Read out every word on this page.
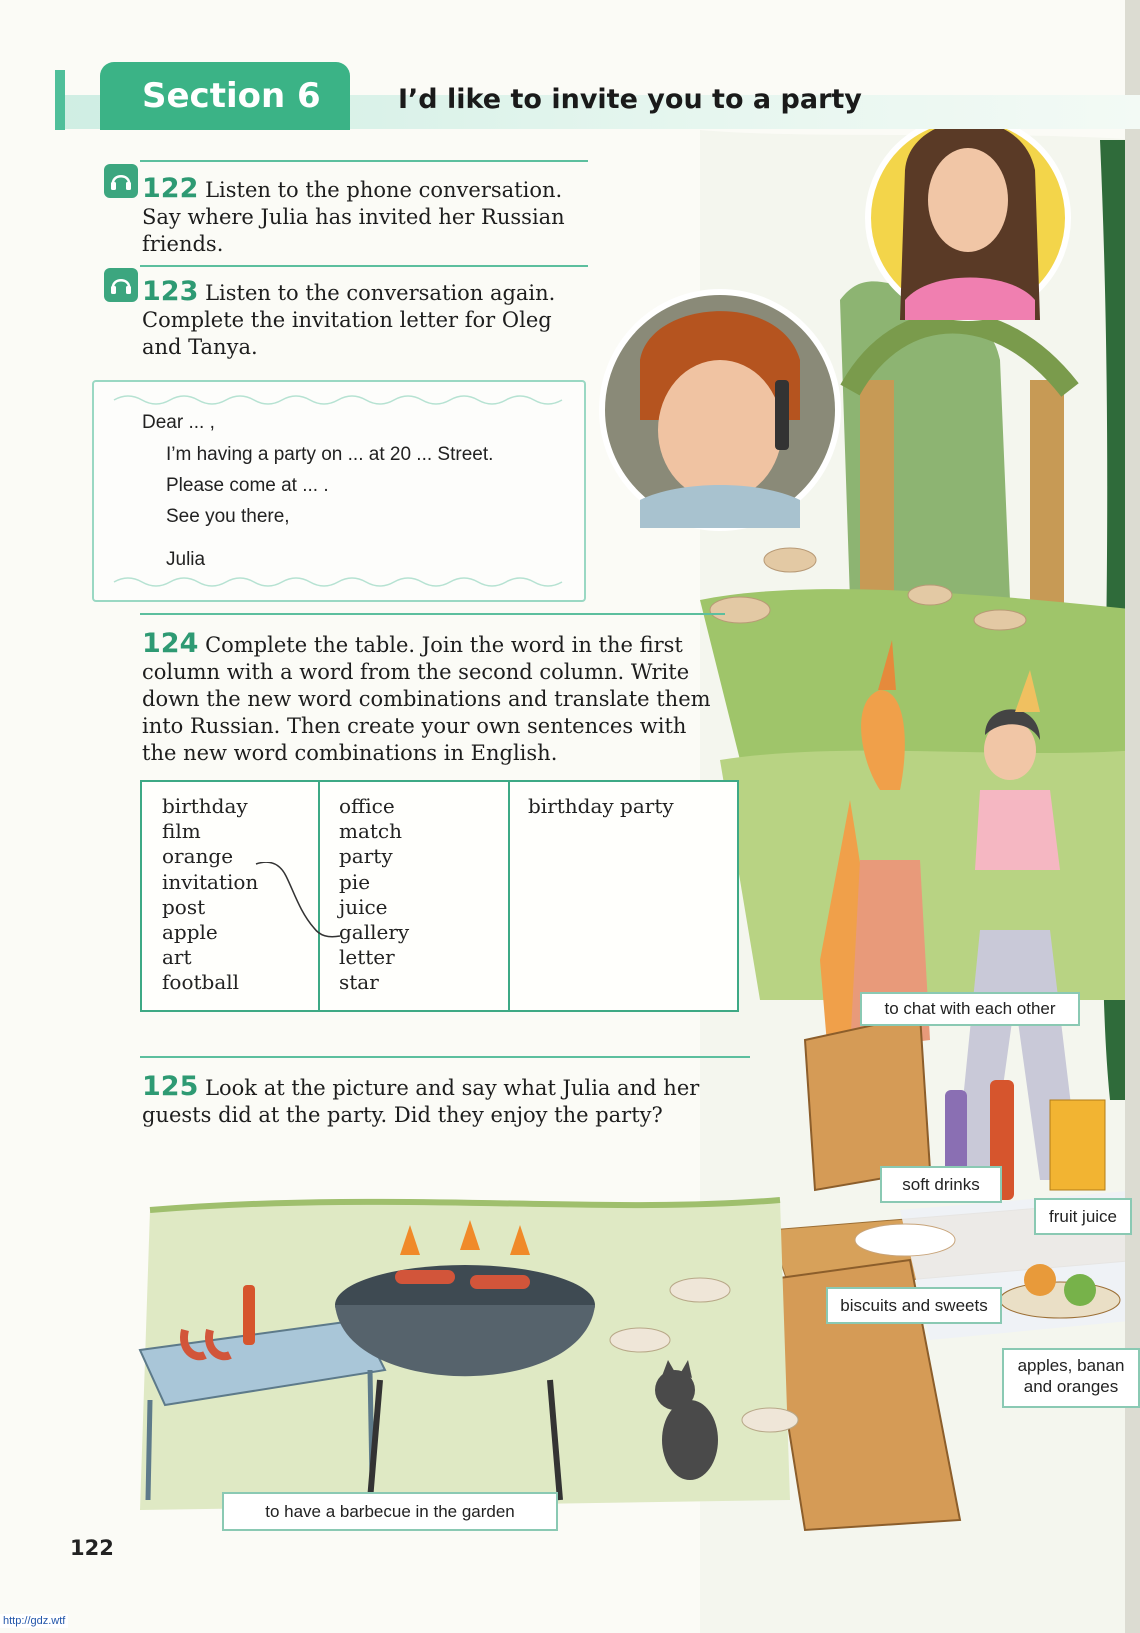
Section 6	I’d like to invite you to a party
122 Listen to the phone conversation. Say where Julia has invited her Russian friends.
123 Listen to the conversation again. Complete the invitation letter for Oleg and Tanya.
Dear ... ,
I’m having a party on ... at 20 ... Street.
Please come at ... .
See you there,
Julia
124 Complete the table. Join the word in the first column with a word from the second column. Write down the new word combinations and translate them into Russian. Then create your own sentences with the new word combinations in English.
birthday
film
orange
invitation
post
apple
art
football
office
match
party
pie
juice
gallery
letter
star
birthday party
125 Look at the picture and say what Julia and her guests did at the party. Did they enjoy the party?
to chat with each other
soft drinks
fruit juice
biscuits and sweets
apples, banan
and oranges
to have a barbecue in the garden
122
http://gdz.wtf
